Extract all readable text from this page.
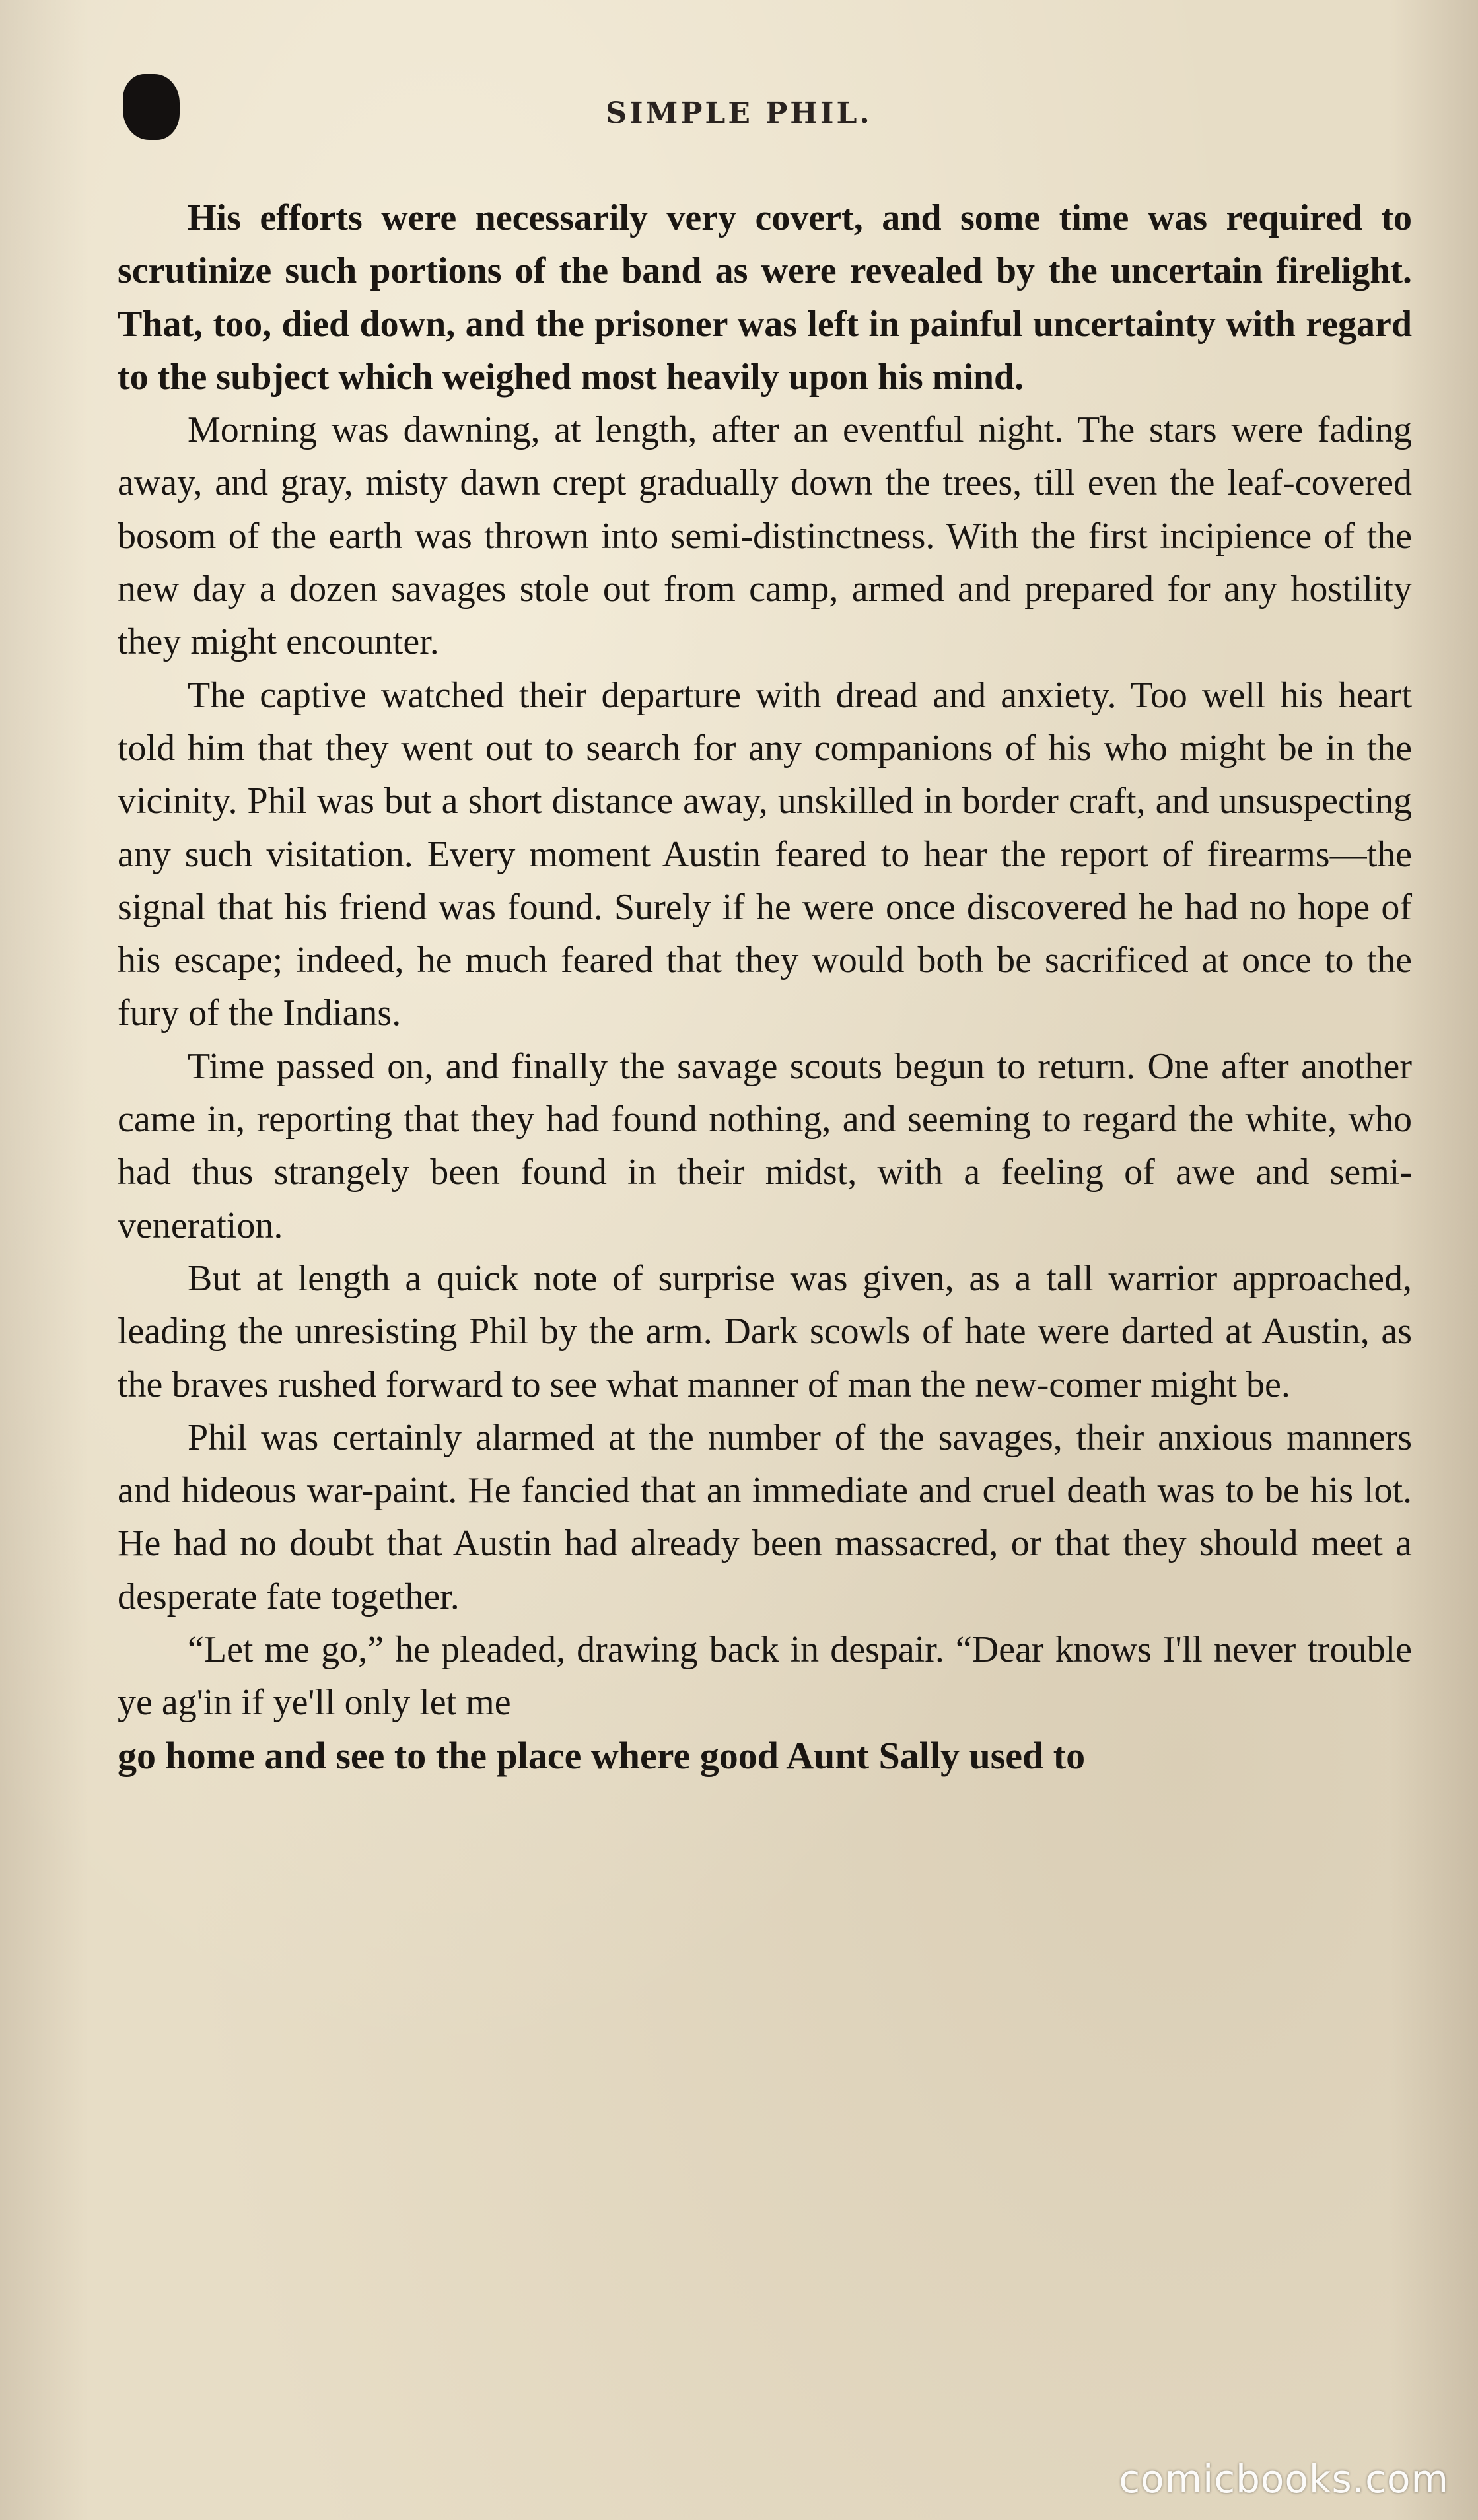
SIMPLE PHIL.

His efforts were necessarily very covert, and some time was required to scrutinize such portions of the band as were revealed by the uncertain firelight. That, too, died down, and the prisoner was left in painful uncertainty with regard to the subject which weighed most heavily upon his mind.

Morning was dawning, at length, after an eventful night. The stars were fading away, and gray, misty dawn crept gradually down the trees, till even the leaf-covered bosom of the earth was thrown into semi-distinctness. With the first incipience of the new day a dozen savages stole out from camp, armed and prepared for any hostility they might encounter.

The captive watched their departure with dread and anxiety. Too well his heart told him that they went out to search for any companions of his who might be in the vicinity. Phil was but a short distance away, unskilled in border craft, and unsuspecting any such visitation. Every moment Austin feared to hear the report of firearms—the signal that his friend was found. Surely if he were once discovered he had no hope of his escape; indeed, he much feared that they would both be sacrificed at once to the fury of the Indians.

Time passed on, and finally the savage scouts begun to return. One after another came in, reporting that they had found nothing, and seeming to regard the white, who had thus strangely been found in their midst, with a feeling of awe and semi-veneration.

But at length a quick note of surprise was given, as a tall warrior approached, leading the unresisting Phil by the arm. Dark scowls of hate were darted at Austin, as the braves rushed forward to see what manner of man the new-comer might be.

Phil was certainly alarmed at the number of the savages, their anxious manners and hideous war-paint. He fancied that an immediate and cruel death was to be his lot. He had no doubt that Austin had already been massacred, or that they should meet a desperate fate together.

“Let me go,” he pleaded, drawing back in despair. “Dear knows I'll never trouble ye ag'in if ye'll only let me

go home and see to the place where good Aunt Sally used to
comicbooks.com
